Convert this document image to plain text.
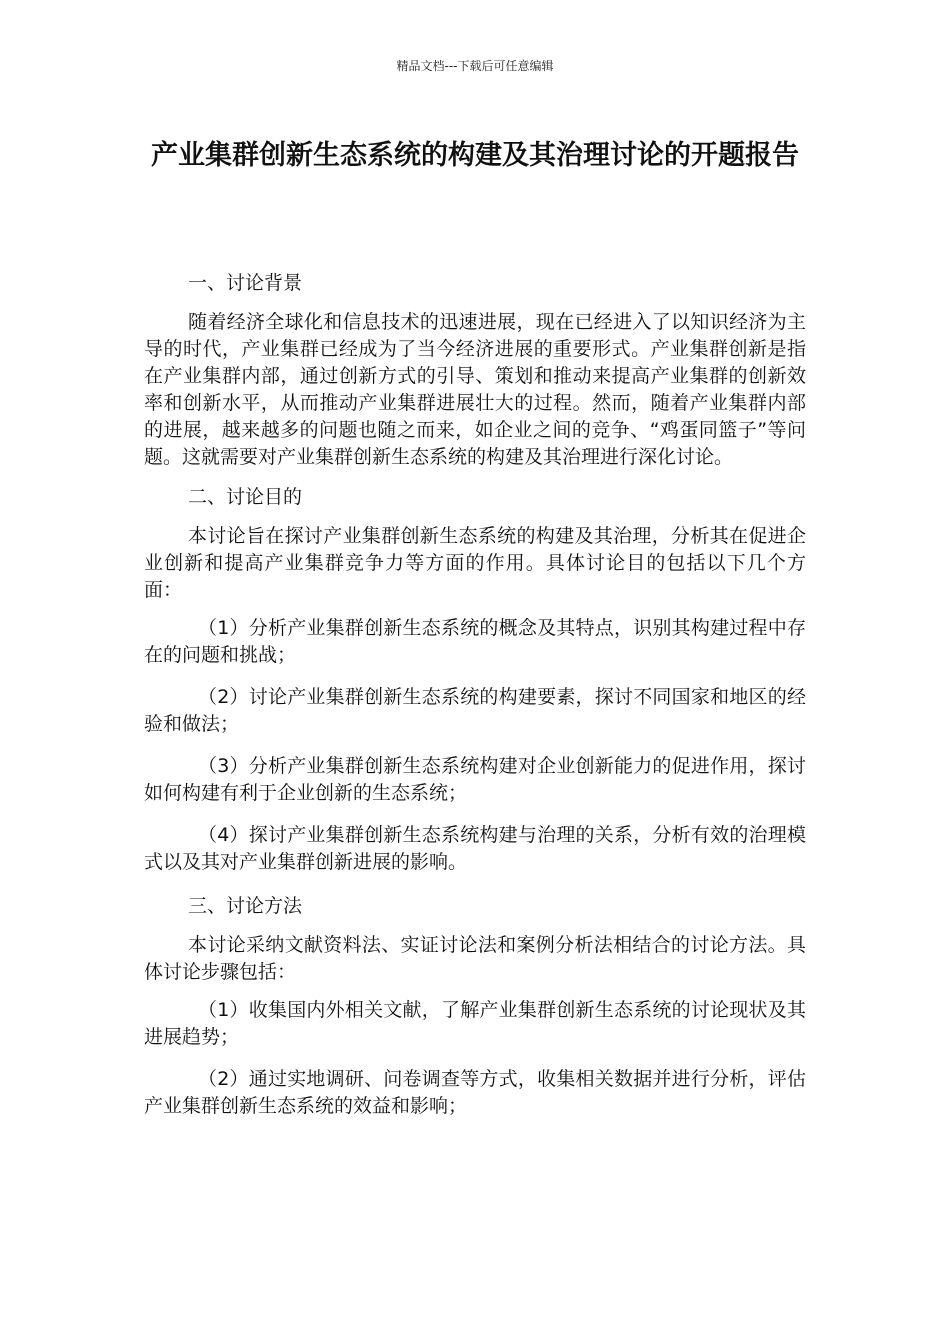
精品文档---下载后可任意编辑
产业集群创新生态系统的构建及其治理讨论的开题报告
一、讨论背景

随着经济全球化和信息技术的迅速进展，现在已经进入了以知识经济为主导的时代，产业集群已经成为了当今经济进展的重要形式。产业集群创新是指在产业集群内部，通过创新方式的引导、策划和推动来提高产业集群的创新效率和创新水平，从而推动产业集群进展壮大的过程。然而，随着产业集群内部的进展，越来越多的问题也随之而来，如企业之间的竞争、“鸡蛋同篮子”等问题。这就需要对产业集群创新生态系统的构建及其治理进行深化讨论。

二、讨论目的

本讨论旨在探讨产业集群创新生态系统的构建及其治理，分析其在促进企业创新和提高产业集群竞争力等方面的作用。具体讨论目的包括以下几个方面：

（1）分析产业集群创新生态系统的概念及其特点，识别其构建过程中存在的问题和挑战；

（2）讨论产业集群创新生态系统的构建要素，探讨不同国家和地区的经验和做法；

（3）分析产业集群创新生态系统构建对企业创新能力的促进作用，探讨如何构建有利于企业创新的生态系统；

（4）探讨产业集群创新生态系统构建与治理的关系，分析有效的治理模式以及其对产业集群创新进展的影响。

三、讨论方法

本讨论采纳文献资料法、实证讨论法和案例分析法相结合的讨论方法。具体讨论步骤包括：

（1）收集国内外相关文献，了解产业集群创新生态系统的讨论现状及其进展趋势；

（2）通过实地调研、问卷调查等方式，收集相关数据并进行分析，评估产业集群创新生态系统的效益和影响；
